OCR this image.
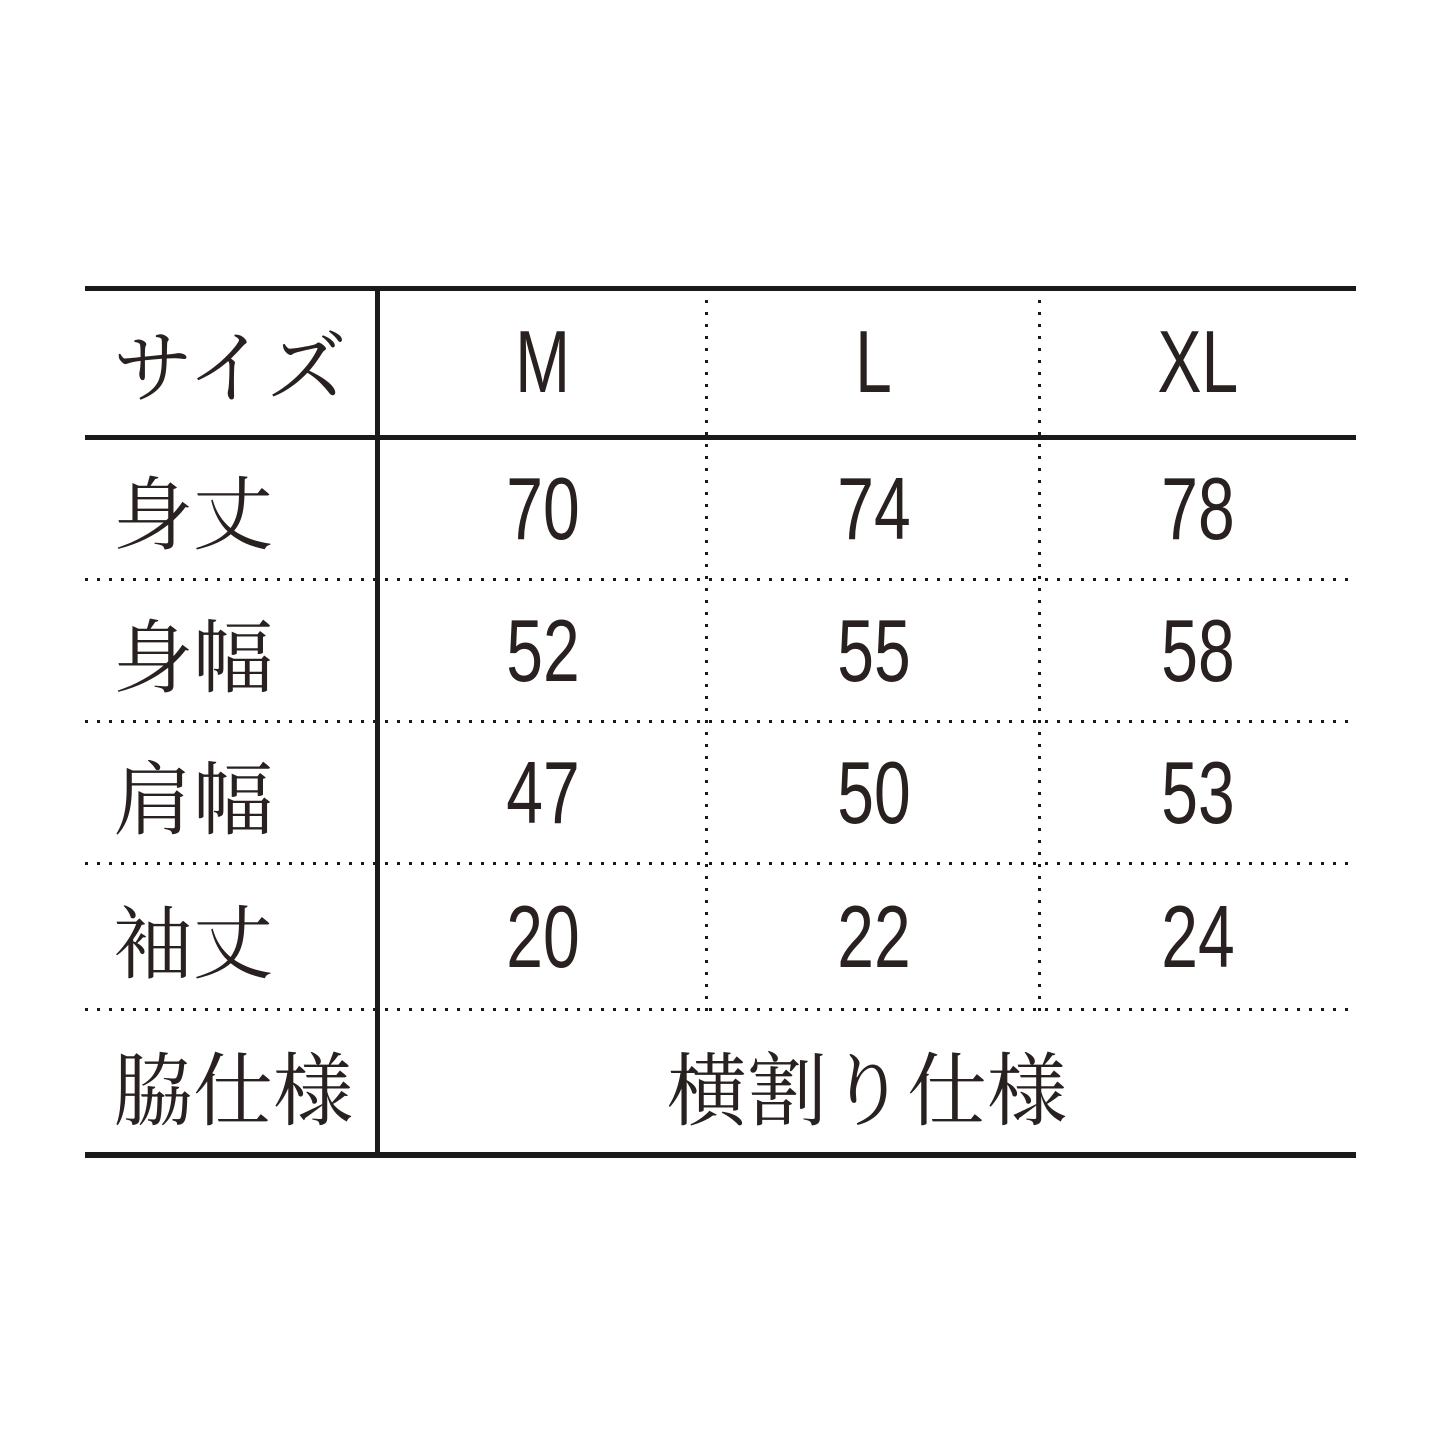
サイズ M	L	XL
身丈	70	74	78
身幅	52	55	58
肩幅	47	50	53
袖丈	20	22	24
脇仕様	横割り仕様
